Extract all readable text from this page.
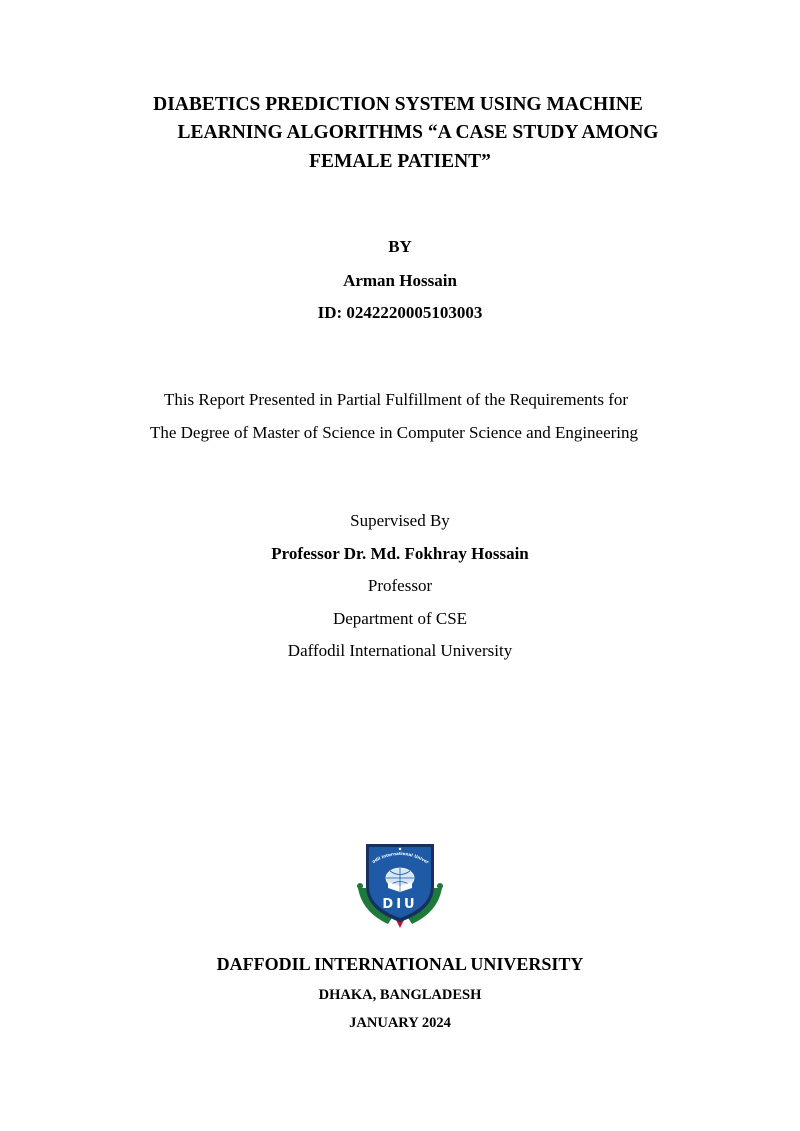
DIABETICS PREDICTION SYSTEM USING MACHINE
LEARNING ALGORITHMS “A CASE STUDY AMONG
FEMALE PATIENT”
BY
Arman Hossain
ID: 0242220005103003
This Report Presented in Partial Fulfillment of the Requirements for
The Degree of Master of Science in Computer Science and Engineering
Supervised By
Professor Dr. Md. Fokhray Hossain
Professor
Department of CSE
Daffodil International University
odil International Univer
DIU
DAFFODIL INTERNATIONAL UNIVERSITY
DHAKA, BANGLADESH
JANUARY 2024
